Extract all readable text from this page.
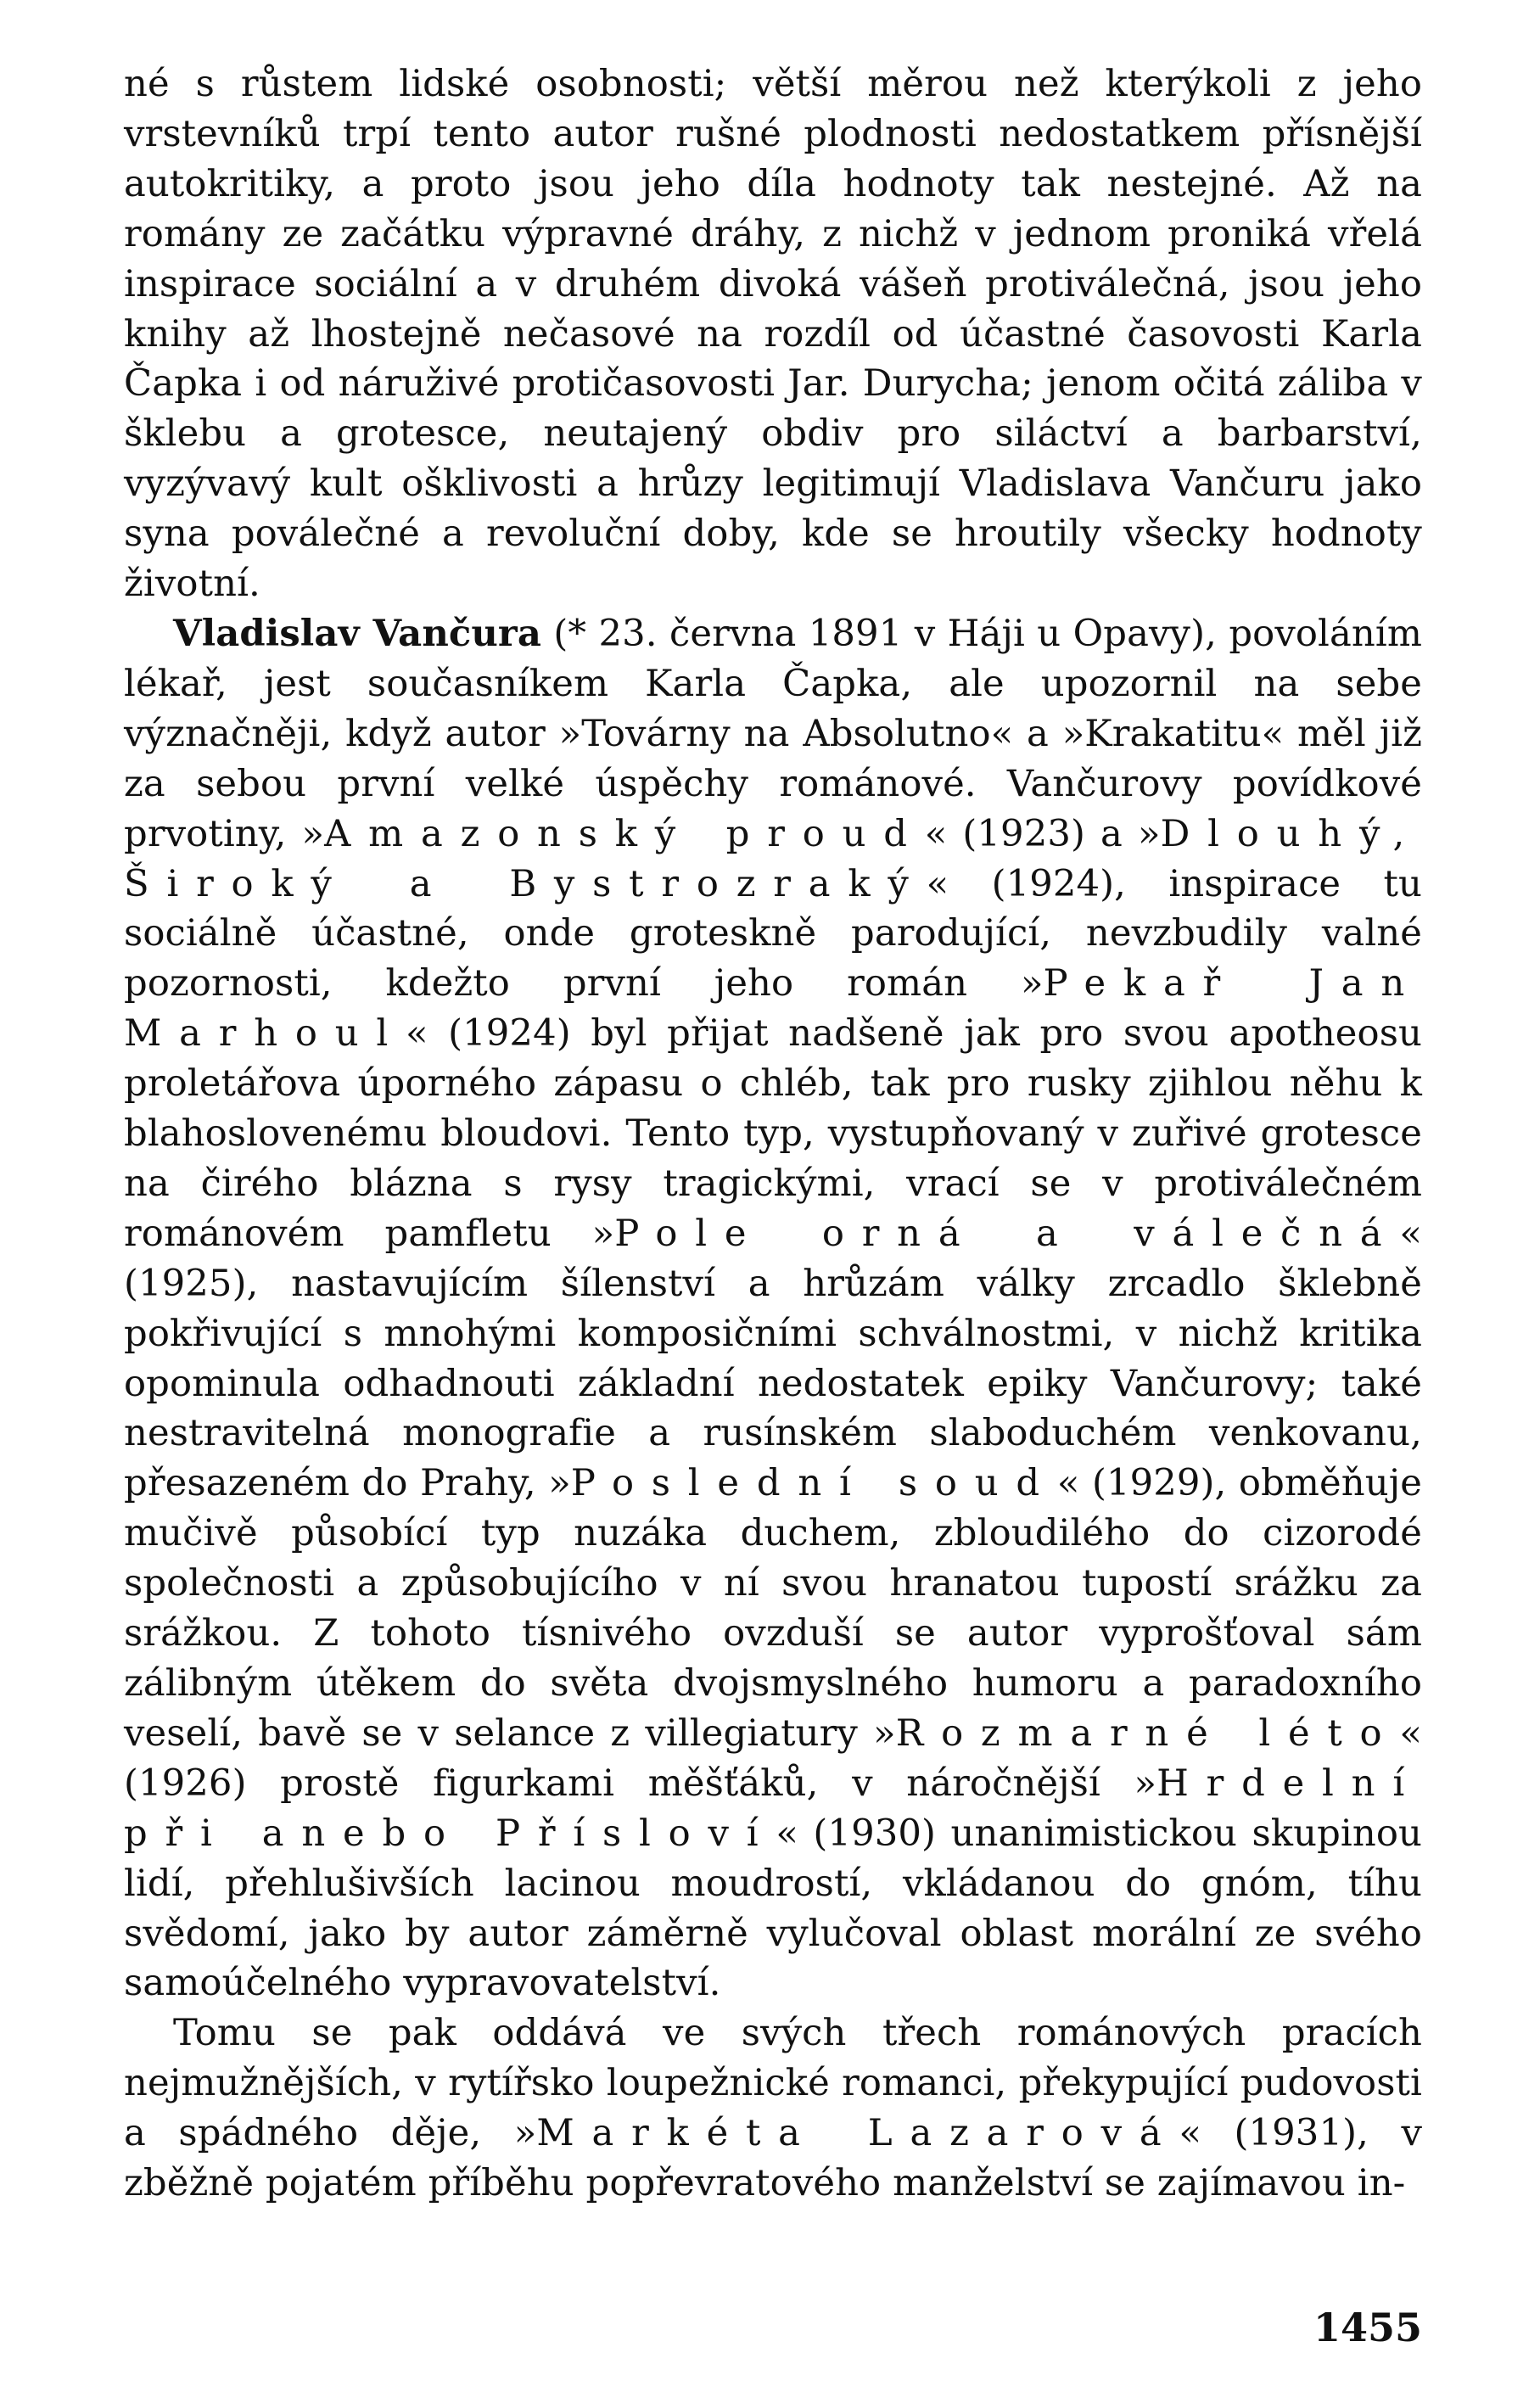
né s růstem lidské osobnosti; větší měrou než kterýkoli z jeho vrstevníků trpí tento autor rušné plodnosti nedostatkem přísnější autokritiky, a proto jsou jeho díla hodnoty tak nestejné. Až na romány ze začátku výpravné dráhy, z nichž v jednom proniká vřelá inspirace sociální a v druhém divoká vášeň protiválečná, jsou jeho knihy až lhostejně nečasové na rozdíl od účastné časovosti Karla Čapka i od náruživé protičasovosti Jar. Durycha; jenom očitá záliba v šklebu a grotesce, neutajený obdiv pro siláctví a barbarství, vyzývavý kult ošklivosti a hrůzy legitimují Vladislava Vančuru jako syna poválečné a revoluční doby, kde se hroutily všecky hodnoty životní.

Vladislav Vančura (* 23. června 1891 v Háji u Opavy), povoláním lékař, jest současníkem Karla Čapka, ale upozornil na sebe význačněji, když autor »Továrny na Absolutno« a »Krakatitu« měl již za sebou první velké úspěchy románové. Vančurovy povídkové prvotiny, »Amazonský proud« (1923) a »Dlouhý, Široký a Bystrozraký« (1924), inspirace tu sociálně účastné, onde groteskně parodující, nevzbudily valné pozornosti, kdežto první jeho román »Pekař Jan Marhoul« (1924) byl přijat nadšeně jak pro svou apotheosu proletářova úporného zápasu o chléb, tak pro rusky zjihlou něhu k blahoslovenému bloudovi. Tento typ, vystupňovaný v zuřivé grotesce na čirého blázna s rysy tragickými, vrací se v protiválečném románovém pamfletu »Pole orná a válečná« (1925), nastavujícím šílenství a hrůzám války zrcadlo šklebně pokřivující s mnohými komposičními schválnostmi, v nichž kritika opominula odhadnouti základní nedostatek epiky Vančurovy; také nestravitelná monografie a rusínském slaboduchém venkovanu, přesazeném do Prahy, »Poslední soud« (1929), obměňuje mučivě působící typ nuzáka duchem, zbloudilého do cizorodé společnosti a způsobujícího v ní svou hranatou tupostí srážku za srážkou. Z tohoto tísnivého ovzduší se autor vyprošťoval sám zálibným útěkem do světa dvojsmyslného humoru a paradoxního veselí, bavě se v selance z villegiatury »Rozmarné léto« (1926) prostě figurkami měšťáků, v náročnější »Hrdelní při anebo Přísloví« (1930) unanimistickou skupinou lidí, přehlušivších lacinou moudrostí, vkládanou do gnóm, tíhu svědomí, jako by autor záměrně vylučoval oblast morální ze svého samoúčelného vypravovatelství.

Tomu se pak oddává ve svých třech románových pracích nejmužnějších, v rytířsko loupežnické romanci, překypující pudovosti a spádného děje, »Markéta Lazarová« (1931), v zběžně pojatém příběhu popřevratového manželství se zajímavou in-

1455
